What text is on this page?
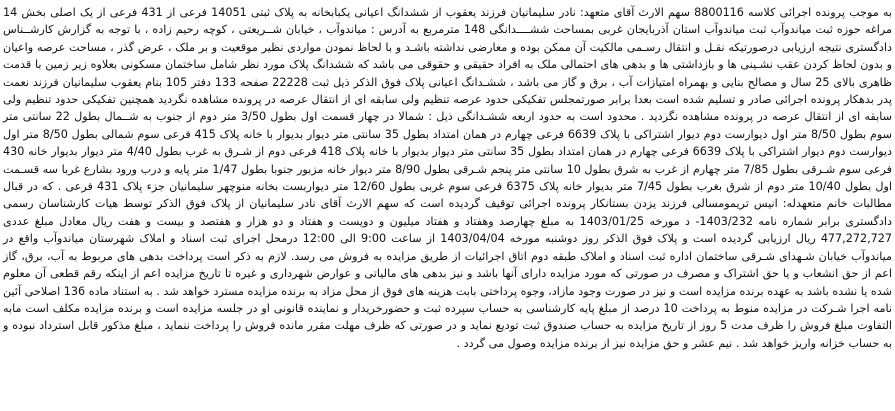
به موجب پرونده اجرائی کلاسه 8800116 سهم الارث آقای متعهد: نادر سلیمانیان فرزند یعقوب از ششدانگ اعیانی یکبابخانه به پلاک ثبتی 14051 فرعی از 431 فرعی از یک اصلی بخش 14 مراغه حوزه ثبت میاندوآب ثبت میاندوآب استان آذربایجان غربی بمساحت ششــــدانگی 148 مترمربع به آدرس : میاندوآب ، خیابان شــریعتی ، کوچه رحیم زاده ، با توجه به گزارش کارشــناس دادگستری نتیجه ارزیابی درصورتیکه نقـل و انتقال رسـمی مالکیت آن ممکن بوده و معارضی نداشته باشـد و با لحاظ نمودن مواردی نظیر موقعیت و بر ملک ، عرض گذر ، مساحت عرصه واعیان و بدون لحاظ کردن عقب نشـینی ها و بازداشتی ها و بدهی های احتمالی ملک به افراد حقیقی و حقوقی می باشد که ششدانگ پلاک مورد نظر شامل ساختمان مسکونی بعلاوه زیر زمین با قدمت ظاهری بالای 25 سال و مصالح بنایی و بهمراه امتیازات آب ، برق و گاز می باشد ، ششـدانگ اعیانی پلاک فوق الذکر ذیل ثبت 22228 صفحه 133 دفتر 105 بنام یعقوب سلیمانیان فرزند نعمت پدر بدهکار پرونده اجرائی صادر و تسلیم شده است بعدا برابر صورتمجلس تفکیکی حدود عرصه تنظیم ولی سابقه ای از انتقال عرصه در پرونده مشاهده نگردید همچنین تفکیکی حدود تنظیم ولی سابقه ای از انتقال عرصه در پرونده مشاهده نگردید . محدود است به حدود اربعه ششـدانگی ذیل : شمالا در چهار قسمت اول بطول 3/50 متر دوم از جنوب به شــمال بطول 22 سانتی متر سوم بطول 8/50 متر اول دیوارست دوم دیوار اشتراکی با پلاک 6639 فرعی چهارم در همان امتداد بطول 35 سانتی متر دیوار بدیوار با خانه پلاک 415 فرعی سوم شمالی بطول 8/50 متر اول دیوارست دوم دیوار اشتراکی با پلاک 6639 فرعی چهارم در همان امتداد بطول 35 سانتی متر دیوار بدیوار با خانه پلاک 418 فرعی دوم از شـرق به غرب بطول 4/40 متر دیوار بدیوار خانه 430 فرعی سوم شـرقی بطول 7/85 متر چهارم از غرب به شرق بطول 10 سانتی متر پنجم شـرقی بطول 8/90 متر دیوار خانه مزبور جنوبا بطول 1/47 متر پایه و درب ورود بشارع غربا سه قسـمت اول بطول 10/40 متر دوم از شرق بغرب بطول 7/45 متر بدیوار خانه پلاک 6375 فرعی سوم غربی بطول 12/60 متر دیواربست بخانه منوچهر سلیمانیان جزء پلاک 431 فرعی . که در قبال مطالبات خانم متعهدله: انیس تریمومسالی فرزند یزدن بستانکار پرونده اجرائی توقیف گردیده است که سهم الارث آقای نادر سلیمانیان از پلاک فوق الذکر توسط هیات کارشناسان رسمی دادگستری برابر شماره نامه 1403/232- د مورخه 1403/01/25 به مبلغ چهارصد وهفتاد و هفتاد میلیون و دویست و هفتاد و دو هزار و هفتصد و بیست و هفت ریال معادل مبلغ عددی 477,272,727 ریال ارزیابی گردیده است و پلاک فوق الذکر روز دوشنبه مورخه 1403/04/04 از ساعت 9:00 الی 12:00 درمحل اجرای ثبت اسناد و املاک شهرستان میاندوآب واقع در میاندوآب خیابان شـهدای شـرقی ساختمان اداره ثبت اسناد و املاک طبقه دوم اتاق اجرائیات از طریق مزایده به فروش می رسد. لازم به ذکر است پرداخت بدهی های مربوط به آب، برق، گاز اعم از حق انشعاب و یا حق اشتراک و مصرف در صورتی که مورد مزایده دارای آنها باشد و نیز بدهی های مالیاتی و عوارض شهرداری و غیره تا تاریخ مزایده اعم از اینکه رقم قطعی آن معلوم شده یا نشده باشد به عهده برنده مزایده است و نیز در صورت وجود مازاد، وجوه پرداختی بابت هزینه های فوق از محل مزاد به برنده مزایده مسترد خواهد شد . به استناد ماده 136 اصلاحی آئین نامه اجرا شـرکت در مزایده منوط به پرداخت 10 درصد از مبلغ پایه کارشناسی به حساب سپرده ثبت و حضورخریدار و نماینده قانونی او در جلسه مزایده است و برنده مزایده مکلف است مابه التفاوت مبلغ فروش را ظرف مدت 5 روز از تاریخ مزایده به حساب صندوق ثبت تودیع نماید و در صورتی که ظرف مهلت مقرر مانده فروش را پرداخت ننماید ، مبلغ مذکور قابل استرداد نبوده و به حساب خزانه واریز خواهد شد . نیم عشر و حق مزایده نیز از برنده مزایده وصول می گردد .
